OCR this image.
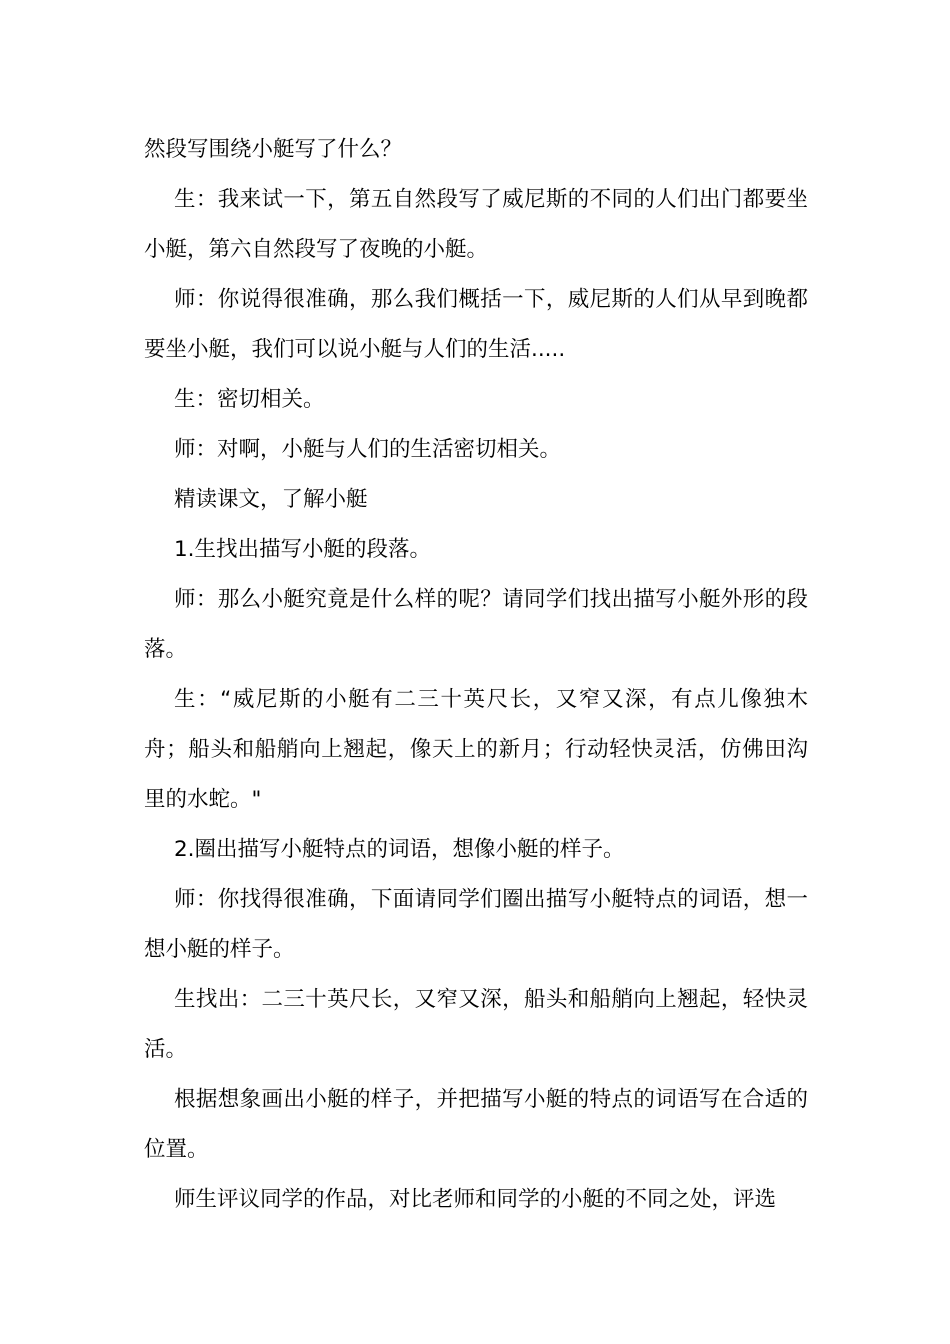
然段写围绕小艇写了什么？

生：我来试一下，第五自然段写了威尼斯的不同的人们出门都要坐小艇，第六自然段写了夜晚的小艇。

师：你说得很准确，那么我们概括一下，威尼斯的人们从早到晚都要坐小艇，我们可以说小艇与人们的生活.....

生：密切相关。

师：对啊，小艇与人们的生活密切相关。

精读课文，了解小艇

1.生找出描写小艇的段落。

师：那么小艇究竟是什么样的呢？请同学们找出描写小艇外形的段落。

生：“威尼斯的小艇有二三十英尺长，又窄又深，有点儿像独木舟；船头和船艄向上翘起，像天上的新月；行动轻快灵活，仿佛田沟里的水蛇。"

2.圈出描写小艇特点的词语，想像小艇的样子。

师：你找得很准确，下面请同学们圈出描写小艇特点的词语，想一想小艇的样子。

生找出：二三十英尺长，又窄又深，船头和船艄向上翘起，轻快灵活。

根据想象画出小艇的样子，并把描写小艇的特点的词语写在合适的位置。

师生评议同学的作品，对比老师和同学的小艇的不同之处，评选
